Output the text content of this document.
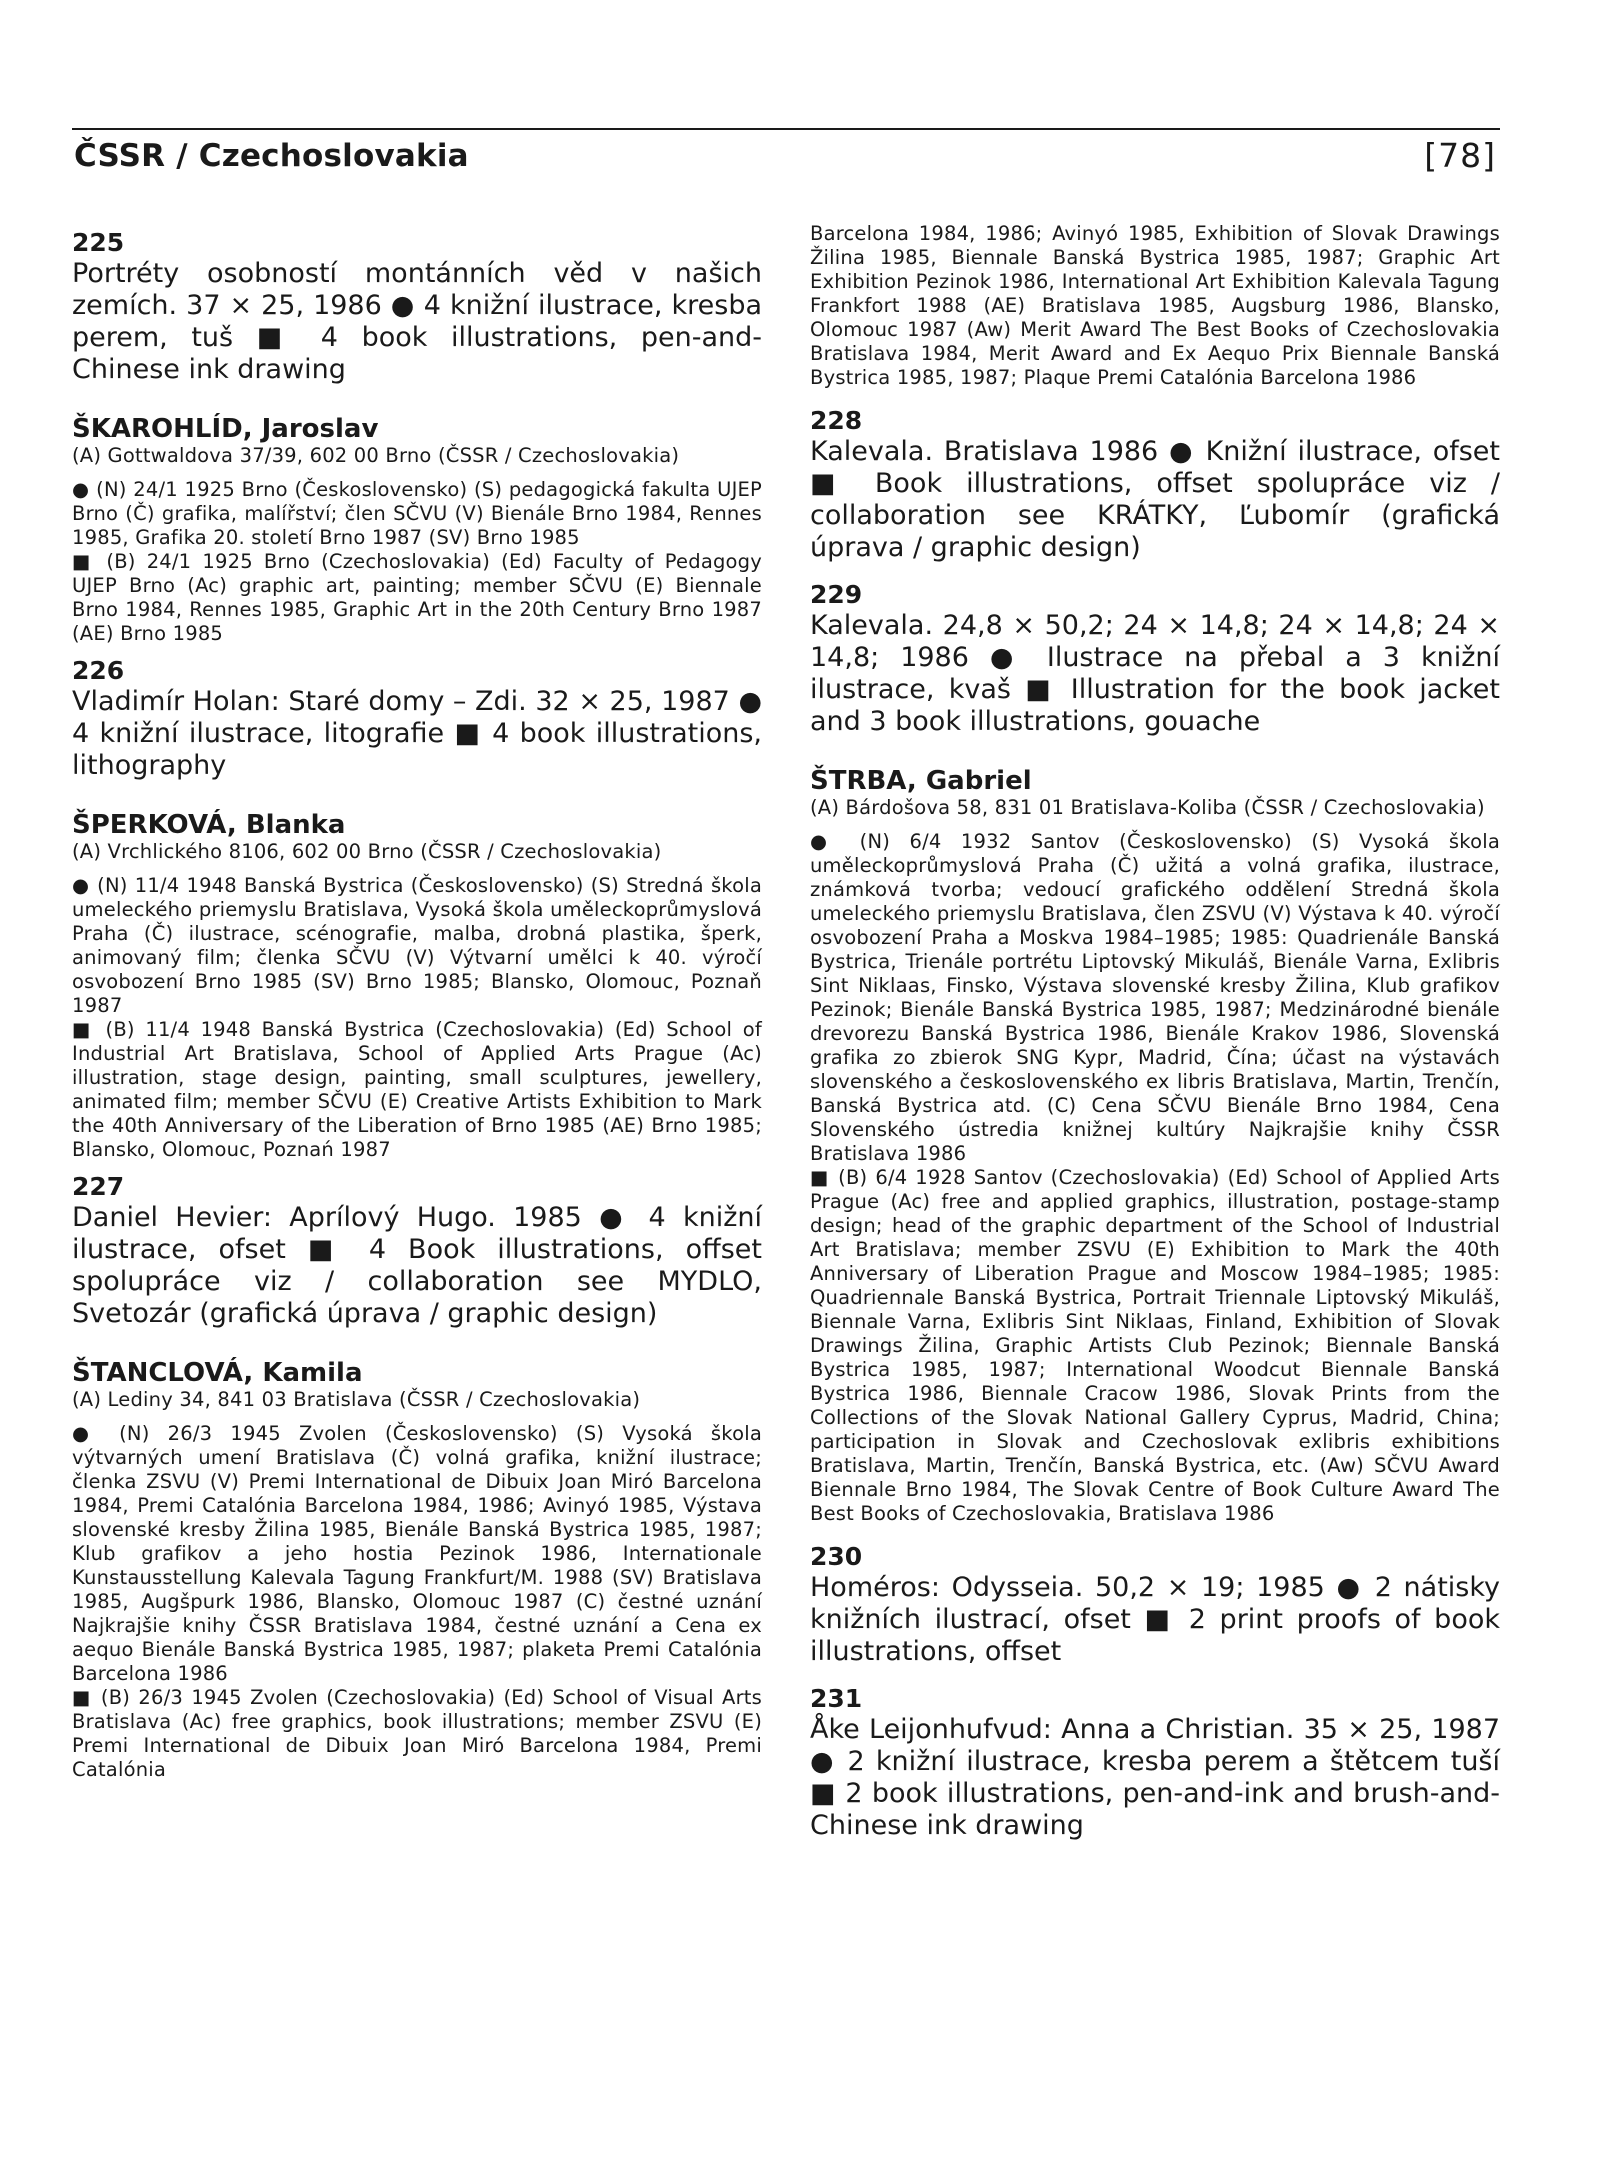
ČSSR / Czechoslovakia	[78]

225

Portréty osobností montánních věd v našich zemích. 37 × 25, 1986 ● 4 knižní ilustrace, kresba perem, tuš ■ 4 book illustrations, pen-and-Chinese ink drawing

ŠKAROHLÍD, Jaroslav

(A) Gottwaldova 37/39, 602 00 Brno (ČSSR / Czechoslovakia)

● (N) 24/1 1925 Brno (Československo) (S) pedagogická fakulta UJEP Brno (Č) grafika, malířství; člen SČVU (V) Bienále Brno 1984, Rennes 1985, Grafika 20. století Brno 1987 (SV) Brno 1985

■ (B) 24/1 1925 Brno (Czechoslovakia) (Ed) Faculty of Pedagogy UJEP Brno (Ac) graphic art, painting; member SČVU (E) Biennale Brno 1984, Rennes 1985, Graphic Art in the 20th Century Brno 1987 (AE) Brno 1985

226

Vladimír Holan: Staré domy – Zdi. 32 × 25, 1987 ● 4 knižní ilustrace, litografie ■ 4 book illustrations, lithography

ŠPERKOVÁ, Blanka

(A) Vrchlického 8106, 602 00 Brno (ČSSR / Czechoslovakia)

● (N) 11/4 1948 Banská Bystrica (Československo) (S) Stredná škola umeleckého priemyslu Bratislava, Vysoká škola uměleckoprůmyslová Praha (Č) ilustrace, scénografie, malba, drobná plastika, šperk, animovaný film; členka SČVU (V) Výtvarní umělci k 40. výročí osvobození Brno 1985 (SV) Brno 1985; Blansko, Olomouc, Poznaň 1987

■ (B) 11/4 1948 Banská Bystrica (Czechoslovakia) (Ed) School of Industrial Art Bratislava, School of Applied Arts Prague (Ac) illustration, stage design, painting, small sculptures, jewellery, animated film; member SČVU (E) Creative Artists Exhibition to Mark the 40th Anniversary of the Liberation of Brno 1985 (AE) Brno 1985; Blansko, Olomouc, Poznań 1987

227

Daniel Hevier: Aprílový Hugo. 1985 ● 4 knižní ilustrace, ofset ■ 4 Book illustrations, offset spolupráce viz / collaboration see MYDLO, Svetozár (grafická úprava / graphic design)

ŠTANCLOVÁ, Kamila

(A) Lediny 34, 841 03 Bratislava (ČSSR / Czechoslovakia)

● (N) 26/3 1945 Zvolen (Československo) (S) Vysoká škola výtvarných umení Bratislava (Č) volná grafika, knižní ilustrace; členka ZSVU (V) Premi International de Dibuix Joan Miró Barcelona 1984, Premi Catalónia Barcelona 1984, 1986; Avinyó 1985, Výstava slovenské kresby Žilina 1985, Bienále Banská Bystrica 1985, 1987; Klub grafikov a jeho hostia Pezinok 1986, Internationale Kunstausstellung Kalevala Tagung Frankfurt/M. 1988 (SV) Bratislava 1985, Augšpurk 1986, Blansko, Olomouc 1987 (C) čestné uznání Najkrajšie knihy ČSSR Bratislava 1984, čestné uznání a Cena ex aequo Bienále Banská Bystrica 1985, 1987; plaketa Premi Catalónia Barcelona 1986

■ (B) 26/3 1945 Zvolen (Czechoslovakia) (Ed) School of Visual Arts Bratislava (Ac) free graphics, book illustrations; member ZSVU (E) Premi International de Dibuix Joan Miró Barcelona 1984, Premi Catalónia

Barcelona 1984, 1986; Avinyó 1985, Exhibition of Slovak Drawings Žilina 1985, Biennale Banská Bystrica 1985, 1987; Graphic Art Exhibition Pezinok 1986, International Art Exhibition Kalevala Tagung Frankfort 1988 (AE) Bratislava 1985, Augsburg 1986, Blansko, Olomouc 1987 (Aw) Merit Award The Best Books of Czechoslovakia Bratislava 1984, Merit Award and Ex Aequo Prix Biennale Banská Bystrica 1985, 1987; Plaque Premi Catalónia Barcelona 1986

228

Kalevala. Bratislava 1986 ● Knižní ilustrace, ofset ■ Book illustrations, offset spolupráce viz / collaboration see KRÁTKY, Ľubomír (grafická úprava / graphic design)

229

Kalevala. 24,8 × 50,2; 24 × 14,8; 24 × 14,8; 24 × 14,8; 1986 ● Ilustrace na přebal a 3 knižní ilustrace, kvaš ■ Illustration for the book jacket and 3 book illustrations, gouache

ŠTRBA, Gabriel

(A) Bárdošova 58, 831 01 Bratislava-Koliba (ČSSR / Czechoslovakia)

● (N) 6/4 1932 Santov (Československo) (S) Vysoká škola uměleckoprůmyslová Praha (Č) užitá a volná grafika, ilustrace, známková tvorba; vedoucí grafického oddělení Stredná škola umeleckého priemyslu Bratislava, člen ZSVU (V) Výstava k 40. výročí osvobození Praha a Moskva 1984–1985; 1985: Quadrienále Banská Bystrica, Trienále portrétu Liptovský Mikuláš, Bienále Varna, Exlibris Sint Niklaas, Finsko, Výstava slovenské kresby Žilina, Klub grafikov Pezinok; Bienále Banská Bystrica 1985, 1987; Medzinárodné bienále drevorezu Banská Bystrica 1986, Bienále Krakov 1986, Slovenská grafika zo zbierok SNG Kypr, Madrid, Čína; účast na výstavách slovenského a československého ex libris Bratislava, Martin, Trenčín, Banská Bystrica atd. (C) Cena SČVU Bienále Brno 1984, Cena Slovenského ústredia knižnej kultúry Najkrajšie knihy ČSSR Bratislava 1986

■ (B) 6/4 1928 Santov (Czechoslovakia) (Ed) School of Applied Arts Prague (Ac) free and applied graphics, illustration, postage-stamp design; head of the graphic department of the School of Industrial Art Bratislava; member ZSVU (E) Exhibition to Mark the 40th Anniversary of Liberation Prague and Moscow 1984–1985; 1985: Quadriennale Banská Bystrica, Portrait Triennale Liptovský Mikuláš, Biennale Varna, Exlibris Sint Niklaas, Finland, Exhibition of Slovak Drawings Žilina, Graphic Artists Club Pezinok; Biennale Banská Bystrica 1985, 1987; International Woodcut Biennale Banská Bystrica 1986, Biennale Cracow 1986, Slovak Prints from the Collections of the Slovak National Gallery Cyprus, Madrid, China; participation in Slovak and Czechoslovak exlibris exhibitions Bratislava, Martin, Trenčín, Banská Bystrica, etc. (Aw) SČVU Award Biennale Brno 1984, The Slovak Centre of Book Culture Award The Best Books of Czechoslovakia, Bratislava 1986

230

Homéros: Odysseia. 50,2 × 19; 1985 ● 2 nátisky knižních ilustrací, ofset ■ 2 print proofs of book illustrations, offset

231

Åke Leijonhufvud: Anna a Christian. 35 × 25, 1987 ● 2 knižní ilustrace, kresba perem a štětcem tuší ■ 2 book illustrations, pen-and-ink and brush-and-Chinese ink drawing
